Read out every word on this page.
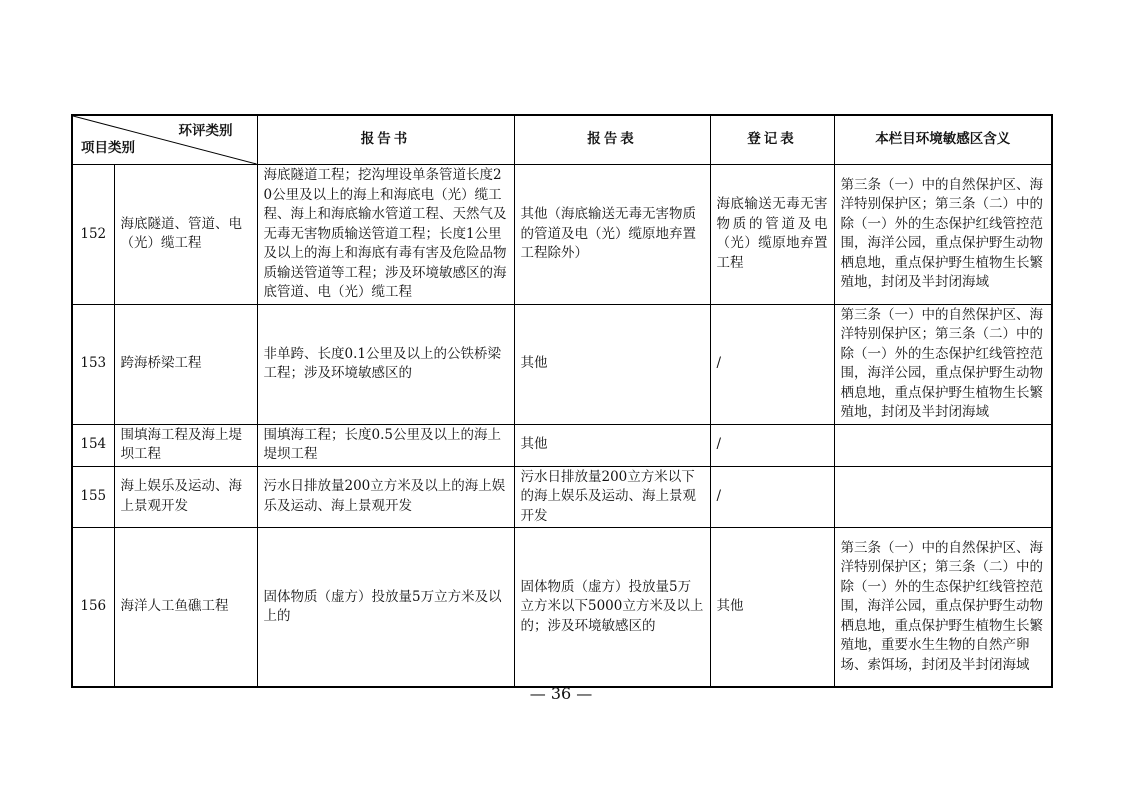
环评类别
项目类别		报告书	报告表	登记表	本栏目环境敏感区含义
152	海底隧道、管道、电（光）缆工程	海底隧道工程；挖沟埋设单条管道长度20公里及以上的海上和海底电（光）缆工程、海上和海底输水管道工程、天然气及无毒无害物质输送管道工程；长度1公里及以上的海上和海底有毒有害及危险品物质输送管道等工程；涉及环境敏感区的海底管道、电（光）缆工程	其他（海底输送无毒无害物质的管道及电（光）缆原地弃置工程除外）	海底输送无毒无害物质的管道及电（光）缆原地弃置工程	第三条（一）中的自然保护区、海洋特别保护区；第三条（二）中的除（一）外的生态保护红线管控范围，海洋公园，重点保护野生动物栖息地，重点保护野生植物生长繁殖地，封闭及半封闭海域
153	跨海桥梁工程	非单跨、长度0.1公里及以上的公铁桥梁工程；涉及环境敏感区的	其他	/	第三条（一）中的自然保护区、海洋特别保护区；第三条（二）中的除（一）外的生态保护红线管控范围，海洋公园，重点保护野生动物栖息地，重点保护野生植物生长繁殖地，封闭及半封闭海域
154	围填海工程及海上堤坝工程	围填海工程；长度0.5公里及以上的海上堤坝工程	其他	/	
155	海上娱乐及运动、海上景观开发	污水日排放量200立方米及以上的海上娱乐及运动、海上景观开发	污水日排放量200立方米以下的海上娱乐及运动、海上景观开发	/	
156	海洋人工鱼礁工程	固体物质（虚方）投放量5万立方米及以上的	固体物质（虚方）投放量5万立方米以下5000立方米及以上的；涉及环境敏感区的	其他	第三条（一）中的自然保护区、海洋特别保护区；第三条（二）中的除（一）外的生态保护红线管控范围，海洋公园，重点保护野生动物栖息地，重点保护野生植物生长繁殖地，重要水生生物的自然产卵场、索饵场，封闭及半封闭海域
— 36 —
